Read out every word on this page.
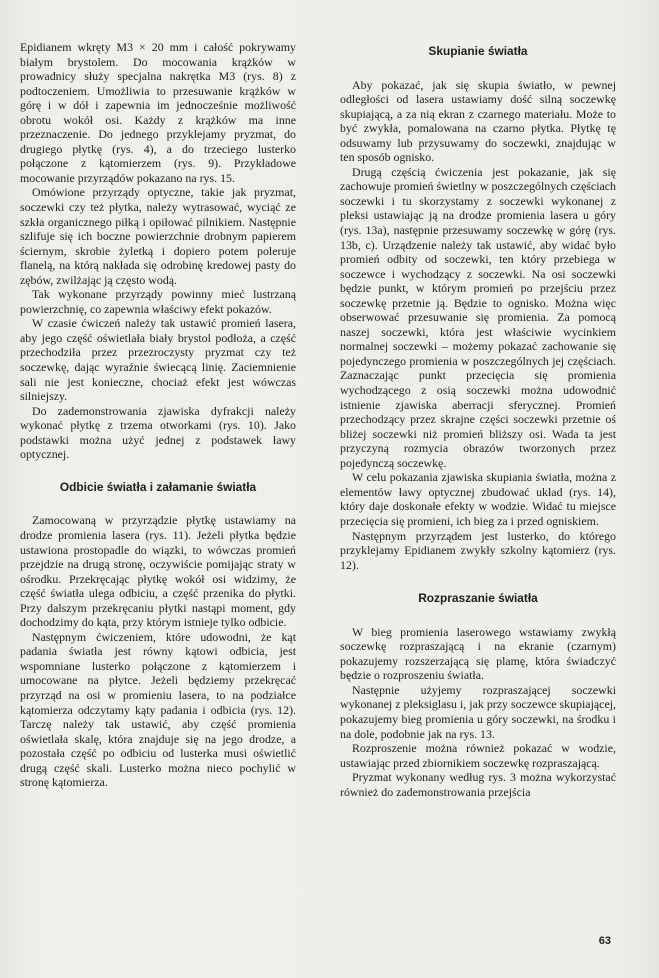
Epidianem wkręty M3 × 20 mm i całość pokrywamy białym brystolem. Do mocowania krążków w prowadnicy służy specjalna nakrętka M3 (rys. 8) z podtoczeniem. Umożliwia to przesuwanie krążków w górę i w dół i zapewnia im jednocześnie możliwość obrotu wokół osi. Każdy z krążków ma inne przeznaczenie. Do jednego przyklejamy pryzmat, do drugiego płytkę (rys. 4), a do trzeciego lusterko połączone z kątomierzem (rys. 9). Przykładowe mocowanie przyrządów pokazano na rys. 15.

Omówione przyrządy optyczne, takie jak pryzmat, soczewki czy też płytka, należy wytrasować, wyciąć ze szkła organicznego piłką i opiłować pilnikiem. Następnie szlifuje się ich boczne powierzchnie drobnym papierem ściernym, skrobie żyletką i dopiero potem poleruje flanelą, na którą nakłada się odrobinę kredowej pasty do zębów, zwilżając ją często wodą.

Tak wykonane przyrządy powinny mieć lustrzaną powierzchnię, co zapewnia właściwy efekt pokazów.

W czasie ćwiczeń należy tak ustawić promień lasera, aby jego część oświetlała biały brystol podłoża, a część przechodziła przez przezroczysty pryzmat czy też soczewkę, dając wyraźnie świecącą linię. Zaciemnienie sali nie jest konieczne, chociaż efekt jest wówczas silniejszy.

Do zademonstrowania zjawiska dyfrakcji należy wykonać płytkę z trzema otworkami (rys. 10). Jako podstawki można użyć jednej z podstawek ławy optycznej.

Odbicie światła i załamanie światła

Zamocowaną w przyrządzie płytkę ustawiamy na drodze promienia lasera (rys. 11). Jeżeli płytka będzie ustawiona prostopadle do wiązki, to wówczas promień przejdzie na drugą stronę, oczywiście pomijając straty w ośrodku. Przekręcając płytkę wokół osi widzimy, że część światła ulega odbiciu, a część przenika do płytki. Przy dalszym przekręcaniu płytki nastąpi moment, gdy dochodzimy do kąta, przy którym istnieje tylko odbicie.

Następnym ćwiczeniem, które udowodni, że kąt padania światła jest równy kątowi odbicia, jest wspomniane lusterko połączone z kątomierzem i umocowane na płytce. Jeżeli będziemy przekręcać przyrząd na osi w promieniu lasera, to na podziałce kątomierza odczytamy kąty padania i odbicia (rys. 12). Tarczę należy tak ustawić, aby część promienia oświetlała skalę, która znajduje się na jego drodze, a pozostała część po odbiciu od lusterka musi oświetlić drugą część skali. Lusterko można nieco pochylić w stronę kątomierza.

Skupianie światła

Aby pokazać, jak się skupia światło, w pewnej odległości od lasera ustawiamy dość silną soczewkę skupiającą, a za nią ekran z czarnego materiału. Może to być zwykła, pomalowana na czarno płytka. Płytkę tę odsuwamy lub przysuwamy do soczewki, znajdując w ten sposób ognisko.

Drugą częścią ćwiczenia jest pokazanie, jak się zachowuje promień świetlny w poszczególnych częściach soczewki i tu skorzystamy z soczewki wykonanej z pleksi ustawiając ją na drodze promienia lasera u góry (rys. 13a), następnie przesuwamy soczewkę w górę (rys. 13b, c). Urządzenie należy tak ustawić, aby widać było promień odbity od soczewki, ten który przebiega w soczewce i wychodzący z soczewki. Na osi soczewki będzie punkt, w którym promień po przejściu przez soczewkę przetnie ją. Będzie to ognisko. Można więc obserwować przesuwanie się promienia. Za pomocą naszej soczewki, która jest właściwie wycinkiem normalnej soczewki – możemy pokazać zachowanie się pojedynczego promienia w poszczególnych jej częściach. Zaznaczając punkt przecięcia się promienia wychodzącego z osią soczewki można udowodnić istnienie zjawiska aberracji sferycznej. Promień przechodzący przez skrajne części soczewki przetnie oś bliżej soczewki niż promień bliższy osi. Wada ta jest przyczyną rozmycia obrazów tworzonych przez pojedynczą soczewkę.

W celu pokazania zjawiska skupiania światła, można z elementów ławy optycznej zbudować układ (rys. 14), który daje doskonałe efekty w wodzie. Widać tu miejsce przecięcia się promieni, ich bieg za i przed ogniskiem.

Następnym przyrządem jest lusterko, do którego przyklejamy Epidianem zwykły szkolny kątomierz (rys. 12).

Rozpraszanie światła

W bieg promienia laserowego wstawiamy zwykłą soczewkę rozpraszającą i na ekranie (czarnym) pokazujemy rozszerzającą się plamę, która świadczyć będzie o rozproszeniu światła.

Następnie użyjemy rozpraszającej soczewki wykonanej z pleksiglasu i, jak przy soczewce skupiającej, pokazujemy bieg promienia u góry soczewki, na środku i na dole, podobnie jak na rys. 13.

Rozproszenie można również pokazać w wodzie, ustawiając przed zbiornikiem soczewkę rozpraszającą.

Pryzmat wykonany według rys. 3 można wykorzystać również do zademonstrowania przejścia

63
